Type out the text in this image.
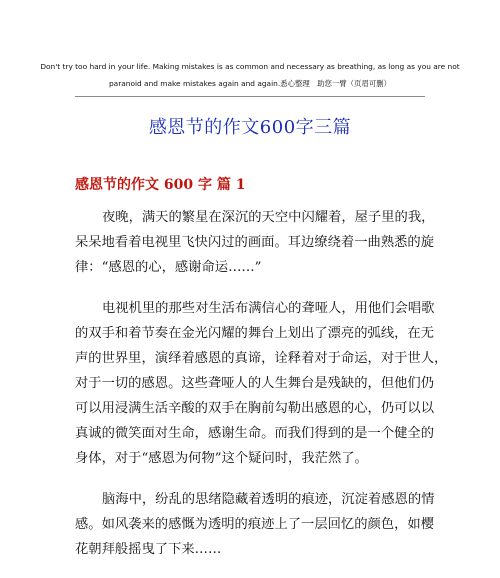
Don't try too hard in your life. Making mistakes is as common and necessary as breathing, as long as you are not

paranoid and make mistakes again and again.悉心整理　助您一臂（页眉可删）
感恩节的作文600字三篇
感恩节的作文 600 字 篇 1

夜晚，满天的繁星在深沉的天空中闪耀着，屋子里的我，
呆呆地看着电视里飞快闪过的画面。耳边缭绕着一曲熟悉的旋
律：“感恩的心，感谢命运……”

电视机里的那些对生活布满信心的聋哑人，用他们会唱歌
的双手和着节奏在金光闪耀的舞台上划出了漂亮的弧线，在无
声的世界里，演绎着感恩的真谛，诠释着对于命运，对于世人，
对于一切的感恩。这些聋哑人的人生舞台是残缺的，但他们仍
可以用浸满生活辛酸的双手在胸前勾勒出感恩的心，仍可以以
真诚的微笑面对生命，感谢生命。而我们得到的是一个健全的
身体，对于“感恩为何物”这个疑问时，我茫然了。

脑海中，纷乱的思绪隐藏着透明的痕迹，沉淀着感恩的情
感。如风袭来的感慨为透明的痕迹上了一层回忆的颜色，如樱
花朝拜般摇曳了下来……
